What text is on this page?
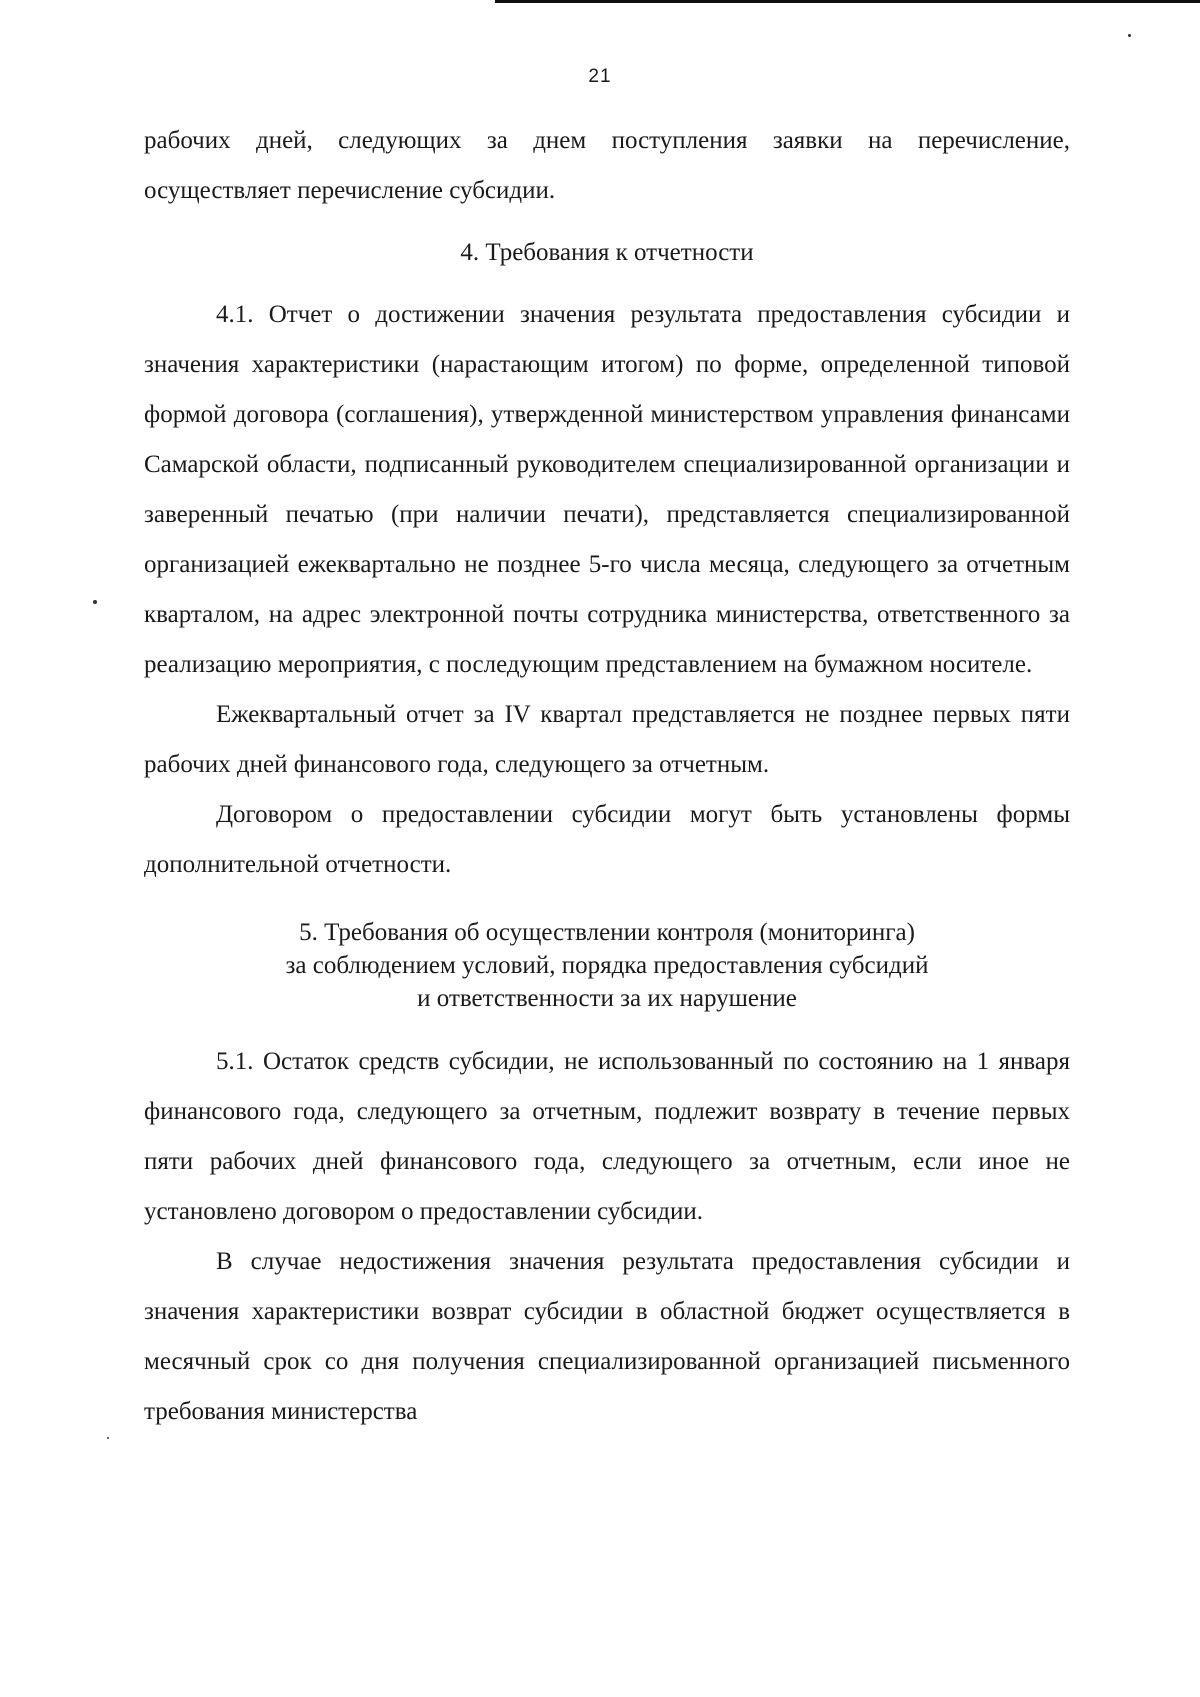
21

рабочих дней, следующих за днем поступления заявки на перечисление, осуществляет перечисление субсидии.

4. Требования к отчетности

4.1. Отчет о достижении значения результата предоставления субсидии и значения характеристики (нарастающим итогом) по форме, определенной типовой формой договора (соглашения), утвержденной министерством управления финансами Самарской области, подписанный руководителем специализированной организации и заверенный печатью (при наличии печати), представляется специализированной организацией ежеквартально не позднее 5-го числа месяца, следующего за отчетным кварталом, на адрес электронной почты сотрудника министерства, ответственного за реализацию мероприятия, с последующим представлением на бумажном носителе.

Ежеквартальный отчет за IV квартал представляется не позднее первых пяти рабочих дней финансового года, следующего за отчетным.

Договором о предоставлении субсидии могут быть установлены формы дополнительной отчетности.

5. Требования об осуществлении контроля (мониторинга)
за соблюдением условий, порядка предоставления субсидий
и ответственности за их нарушение

5.1. Остаток средств субсидии, не использованный по состоянию на 1 января финансового года, следующего за отчетным, подлежит возврату в течение первых пяти рабочих дней финансового года, следующего за отчетным, если иное не установлено договором о предоставлении субсидии.

В случае недостижения значения результата предоставления субсидии и значения характеристики возврат субсидии в областной бюджет осуществляется в месячный срок со дня получения специализированной организацией письменного требования министерства
